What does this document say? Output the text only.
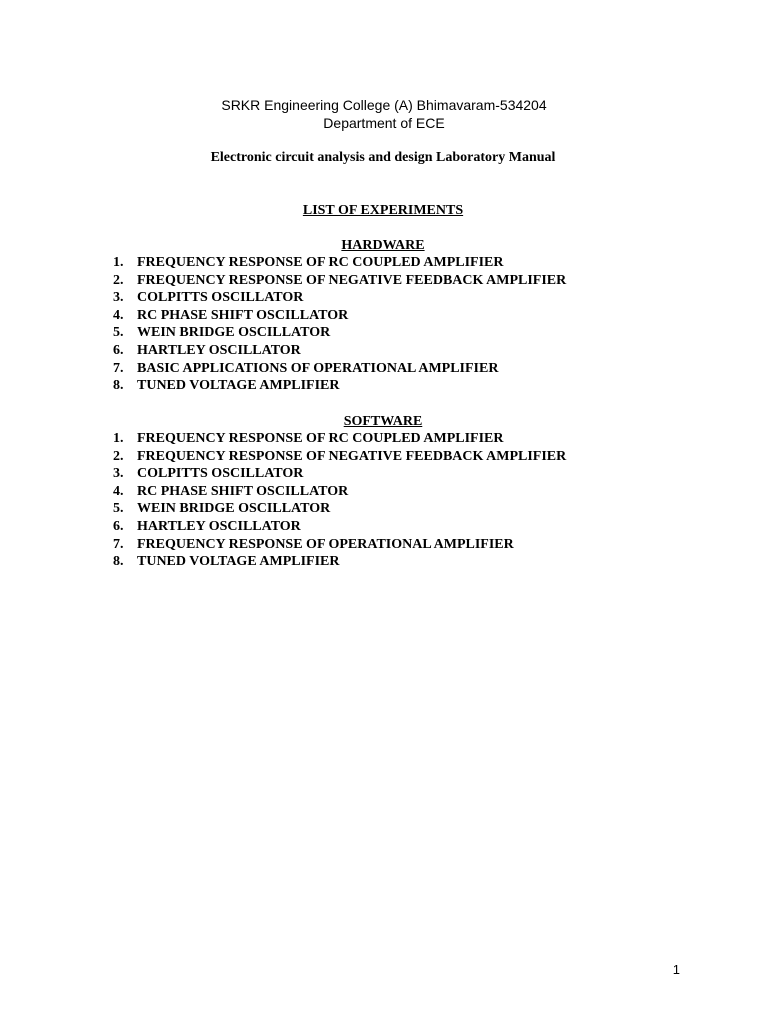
SRKR Engineering College (A) Bhimavaram-534204
Department of ECE
Electronic circuit analysis and design Laboratory Manual
LIST OF EXPERIMENTS
HARDWARE
1. FREQUENCY RESPONSE OF RC COUPLED AMPLIFIER
2. FREQUENCY RESPONSE OF NEGATIVE FEEDBACK AMPLIFIER
3. COLPITTS OSCILLATOR
4. RC PHASE SHIFT OSCILLATOR
5. WEIN BRIDGE OSCILLATOR
6. HARTLEY OSCILLATOR
7. BASIC APPLICATIONS OF OPERATIONAL AMPLIFIER
8. TUNED VOLTAGE AMPLIFIER
SOFTWARE
1. FREQUENCY RESPONSE OF RC COUPLED AMPLIFIER
2. FREQUENCY RESPONSE OF NEGATIVE FEEDBACK AMPLIFIER
3. COLPITTS OSCILLATOR
4. RC PHASE SHIFT OSCILLATOR
5. WEIN BRIDGE OSCILLATOR
6. HARTLEY OSCILLATOR
7. FREQUENCY RESPONSE OF OPERATIONAL AMPLIFIER
8. TUNED VOLTAGE AMPLIFIER
1
